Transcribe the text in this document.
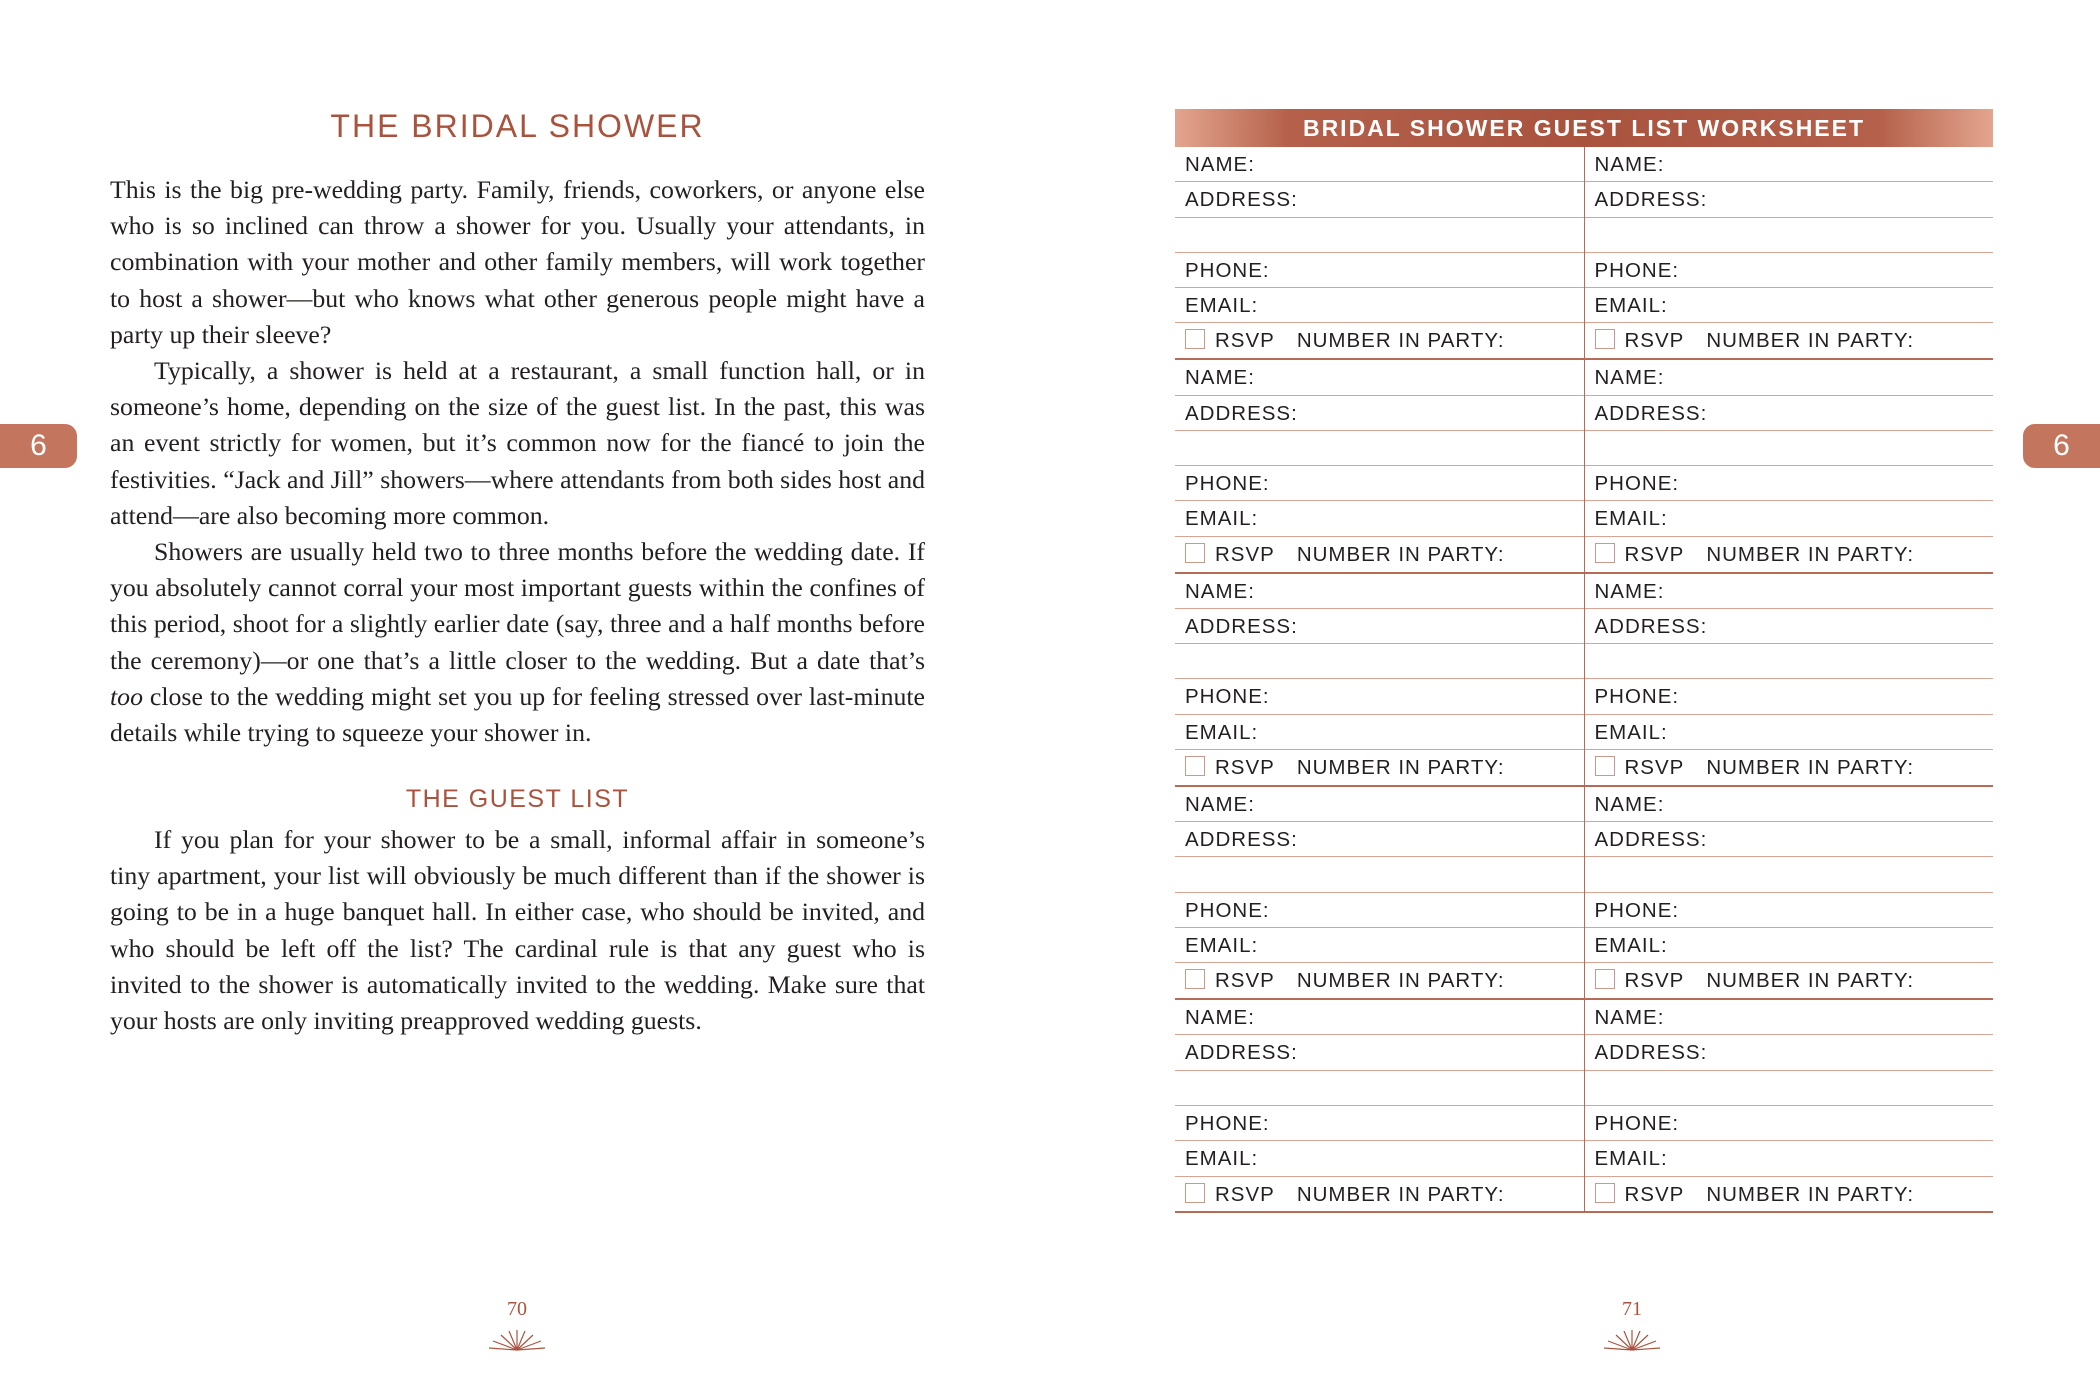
6
THE BRIDAL SHOWER

This is the big pre-wedding party. Family, friends, coworkers, or anyone else who is so inclined can throw a shower for you. Usually your attendants, in combination with your mother and other family members, will work together to host a shower—but who knows what other generous people might have a party up their sleeve?

Typically, a shower is held at a restaurant, a small function hall, or in someone’s home, depending on the size of the guest list. In the past, this was an event strictly for women, but it’s common now for the fiancé to join the festivities. “Jack and Jill” showers—where attendants from both sides host and attend—are also becoming more common.

Showers are usually held two to three months before the wedding date. If you absolutely cannot corral your most important guests within the confines of this period, shoot for a slightly earlier date (say, three and a half months before the ceremony)—or one that’s a little closer to the wedding. But a date that’s too close to the wedding might set you up for feeling stressed over last-minute details while trying to squeeze your shower in.

THE GUEST LIST

If you plan for your shower to be a small, informal affair in someone’s tiny apartment, your list will obviously be much different than if the shower is going to be in a huge banquet hall. In either case, who should be invited, and who should be left off the list? The cardinal rule is that any guest who is invited to the shower is automatically invited to the wedding. Make sure that your hosts are only inviting preapproved wedding guests.

70
6
BRIDAL SHOWER GUEST LIST WORKSHEET
NAME:
ADDRESS:
PHONE:
EMAIL:
RSVP NUMBER IN PARTY:
NAME:
ADDRESS:
PHONE:
EMAIL:
RSVP NUMBER IN PARTY:
NAME:
ADDRESS:
PHONE:
EMAIL:
RSVP NUMBER IN PARTY:
NAME:
ADDRESS:
PHONE:
EMAIL:
RSVP NUMBER IN PARTY:
NAME:
ADDRESS:
PHONE:
EMAIL:
RSVP NUMBER IN PARTY:
NAME:
ADDRESS:
PHONE:
EMAIL:
RSVP NUMBER IN PARTY:
NAME:
ADDRESS:
PHONE:
EMAIL:
RSVP NUMBER IN PARTY:
NAME:
ADDRESS:
PHONE:
EMAIL:
RSVP NUMBER IN PARTY:
NAME:
ADDRESS:
PHONE:
EMAIL:
RSVP NUMBER IN PARTY:
NAME:
ADDRESS:
PHONE:
EMAIL:
RSVP NUMBER IN PARTY:
71
